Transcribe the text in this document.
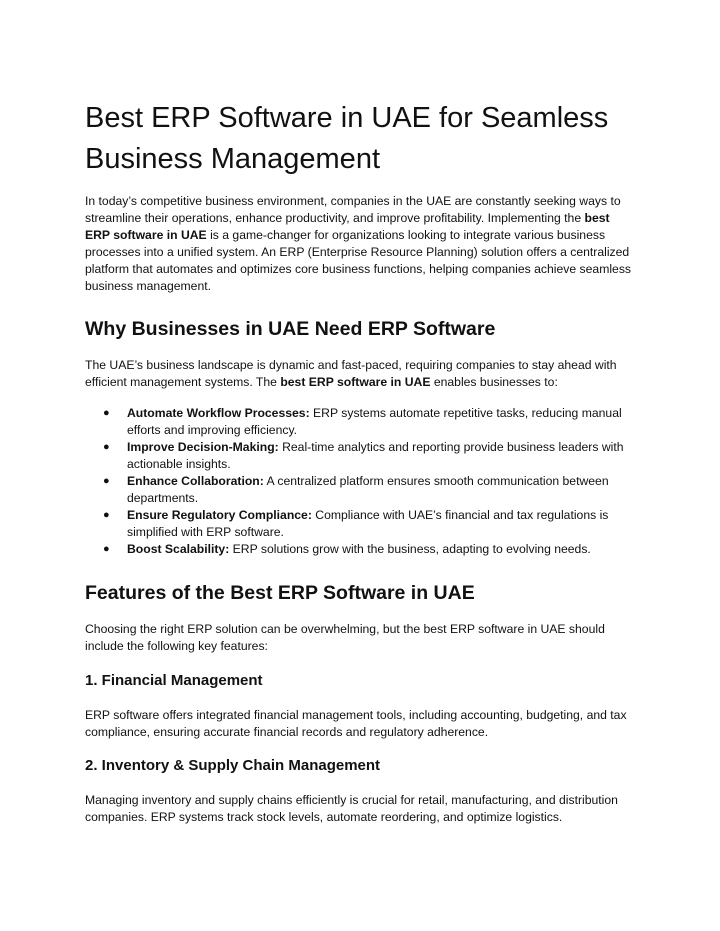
Best ERP Software in UAE for Seamless Business Management

In today’s competitive business environment, companies in the UAE are constantly seeking ways to streamline their operations, enhance productivity, and improve profitability. Implementing the best ERP software in UAE is a game-changer for organizations looking to integrate various business processes into a unified system. An ERP (Enterprise Resource Planning) solution offers a centralized platform that automates and optimizes core business functions, helping companies achieve seamless business management.

Why Businesses in UAE Need ERP Software

The UAE’s business landscape is dynamic and fast-paced, requiring companies to stay ahead with efficient management systems. The best ERP software in UAE enables businesses to:

● Automate Workflow Processes: ERP systems automate repetitive tasks, reducing manual efforts and improving efficiency.
● Improve Decision-Making: Real-time analytics and reporting provide business leaders with actionable insights.
● Enhance Collaboration: A centralized platform ensures smooth communication between departments.
● Ensure Regulatory Compliance: Compliance with UAE’s financial and tax regulations is simplified with ERP software.
● Boost Scalability: ERP solutions grow with the business, adapting to evolving needs.
Features of the Best ERP Software in UAE

Choosing the right ERP solution can be overwhelming, but the best ERP software in UAE should include the following key features:

1. Financial Management

ERP software offers integrated financial management tools, including accounting, budgeting, and tax compliance, ensuring accurate financial records and regulatory adherence.

2. Inventory & Supply Chain Management

Managing inventory and supply chains efficiently is crucial for retail, manufacturing, and distribution companies. ERP systems track stock levels, automate reordering, and optimize logistics.
